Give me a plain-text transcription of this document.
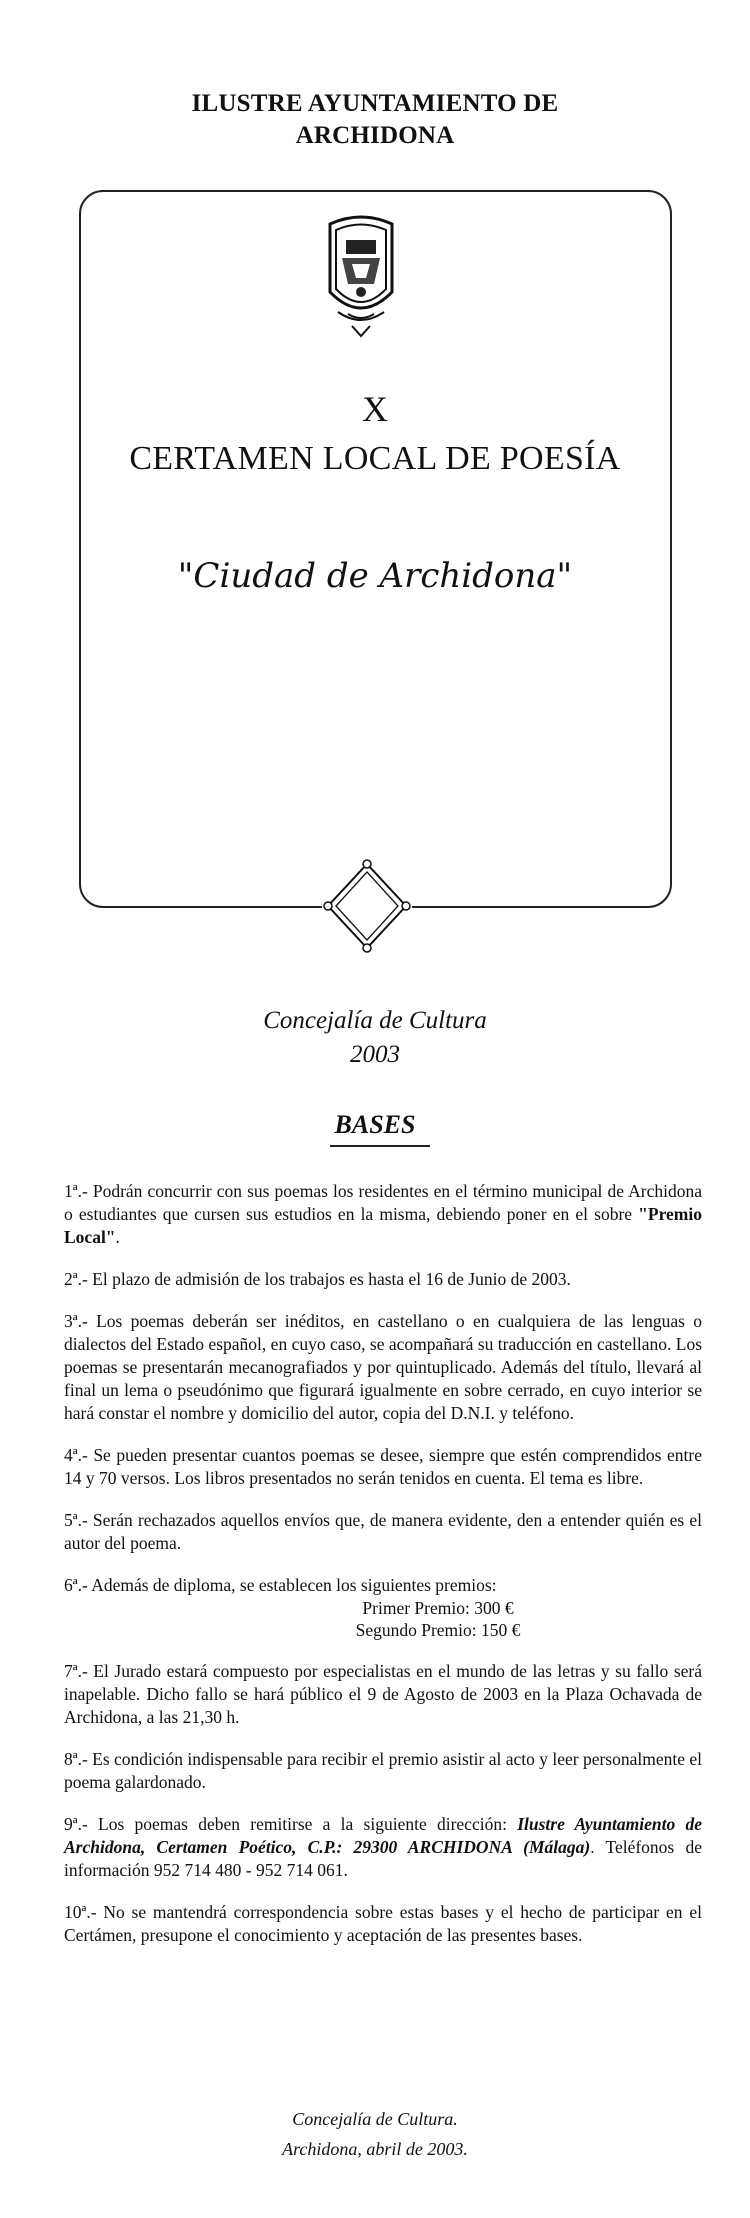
ILUSTRE AYUNTAMIENTO DE
ARCHIDONA
X
CERTAMEN LOCAL DE POESÍA
"Ciudad de Archidona"
Concejalía de Cultura
2003
BASES

1ª.- Podrán concurrir con sus poemas los residentes en el término municipal de Archidona o estudiantes que cursen sus estudios en la misma, debiendo poner en el sobre "Premio Local".

2ª.- El plazo de admisión de los trabajos es hasta el 16 de Junio de 2003.

3ª.- Los poemas deberán ser inéditos, en castellano o en cualquiera de las lenguas o dialectos del Estado español, en cuyo caso, se acompañará su traducción en castellano. Los poemas se presentarán mecanografiados y por quintuplicado. Además del título, llevará al final un lema o pseudónimo que figurará igualmente en sobre cerrado, en cuyo interior se hará constar el nombre y domicilio del autor, copia del D.N.I. y teléfono.

4ª.- Se pueden presentar cuantos poemas se desee, siempre que estén comprendidos entre 14 y 70 versos. Los libros presentados no serán tenidos en cuenta. El tema es libre.

5ª.- Serán rechazados aquellos envíos que, de manera evidente, den a entender quién es el autor del poema.

6ª.- Además de diploma, se establecen los siguientes premios:
Primer Premio: 300 €
Segundo Premio: 150 €

7ª.- El Jurado estará compuesto por especialistas en el mundo de las letras y su fallo será inapelable. Dicho fallo se hará público el 9 de Agosto de 2003 en la Plaza Ochavada de Archidona, a las 21,30 h.

8ª.- Es condición indispensable para recibir el premio asistir al acto y leer personalmente el poema galardonado.

9ª.- Los poemas deben remitirse a la siguiente dirección: Ilustre Ayuntamiento de Archidona, Certamen Poético, C.P.: 29300 ARCHIDONA (Málaga). Teléfonos de información 952 714 480 - 952 714 061.

10ª.- No se mantendrá correspondencia sobre estas bases y el hecho de participar en el Certámen, presupone el conocimiento y aceptación de las presentes bases.

Concejalía de Cultura.
Archidona, abril de 2003.
